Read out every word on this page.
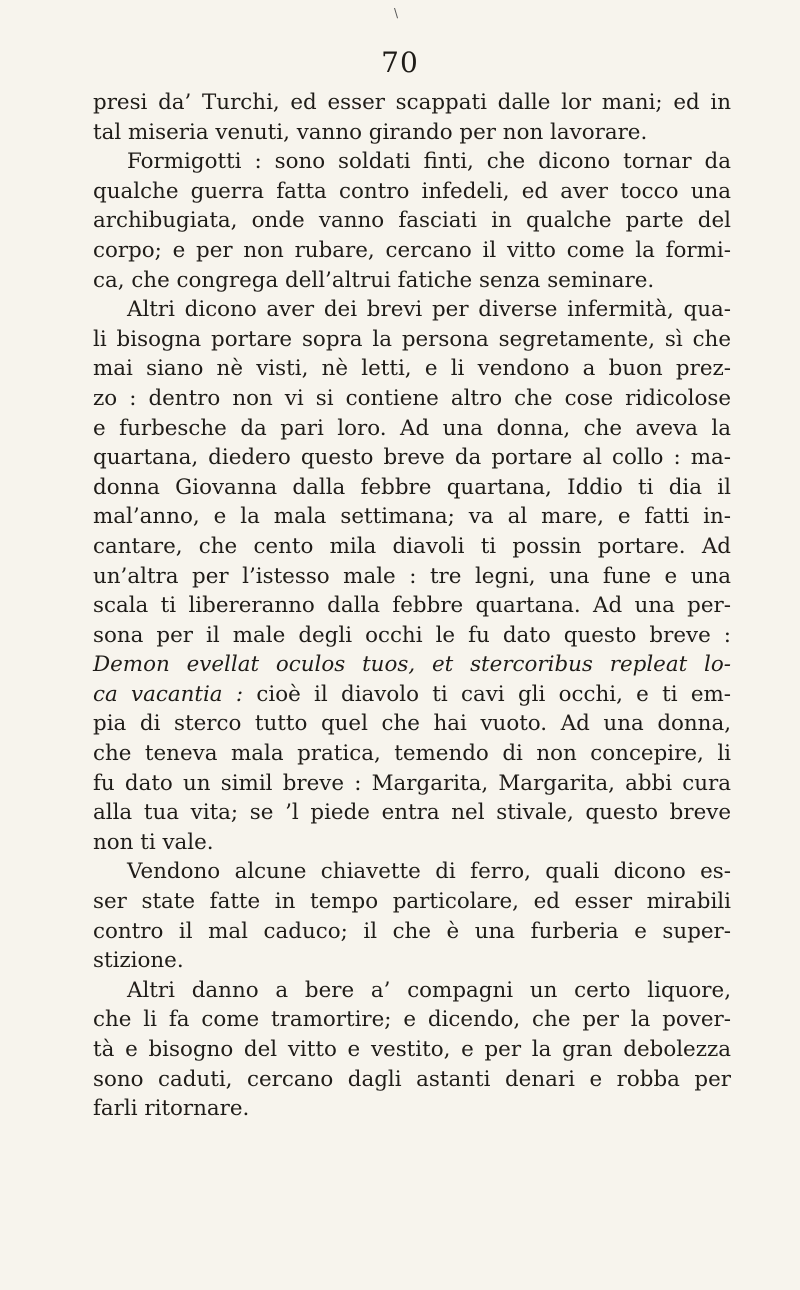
\
70
presi da’ Turchi, ed esser scappati dalle lor mani; ed in
tal miseria venuti, vanno girando per non lavorare.
Formigotti : sono soldati finti, che dicono tornar da
qualche guerra fatta contro infedeli, ed aver tocco una
archibugiata, onde vanno fasciati in qualche parte del
corpo; e per non rubare, cercano il vitto come la formi-
ca, che congrega dell’altrui fatiche senza seminare.
Altri dicono aver dei brevi per diverse infermità, qua-
li bisogna portare sopra la persona segretamente, sì che
mai siano nè visti, nè letti, e li vendono a buon prez-
zo : dentro non vi si contiene altro che cose ridicolose
e furbesche da pari loro. Ad una donna, che aveva la
quartana, diedero questo breve da portare al collo : ma-
donna Giovanna dalla febbre quartana, Iddio ti dia il
mal’anno, e la mala settimana; va al mare, e fatti in-
cantare, che cento mila diavoli ti possin portare. Ad
un’altra per l’istesso male : tre legni, una fune e una
scala ti libereranno dalla febbre quartana. Ad una per-
sona per il male degli occhi le fu dato questo breve :
Demon evellat oculos tuos, et stercoribus repleat lo-
ca vacantia : cioè il diavolo ti cavi gli occhi, e ti em-
pia di sterco tutto quel che hai vuoto. Ad una donna,
che teneva mala pratica, temendo di non concepire, li
fu dato un simil breve : Margarita, Margarita, abbi cura
alla tua vita; se ’l piede entra nel stivale, questo breve
non ti vale.
Vendono alcune chiavette di ferro, quali dicono es-
ser state fatte in tempo particolare, ed esser mirabili
contro il mal caduco; il che è una furberia e super-
stizione.
Altri danno a bere a’ compagni un certo liquore,
che li fa come tramortire; e dicendo, che per la pover-
tà e bisogno del vitto e vestito, e per la gran debolezza
sono caduti, cercano dagli astanti denari e robba per
farli ritornare.
